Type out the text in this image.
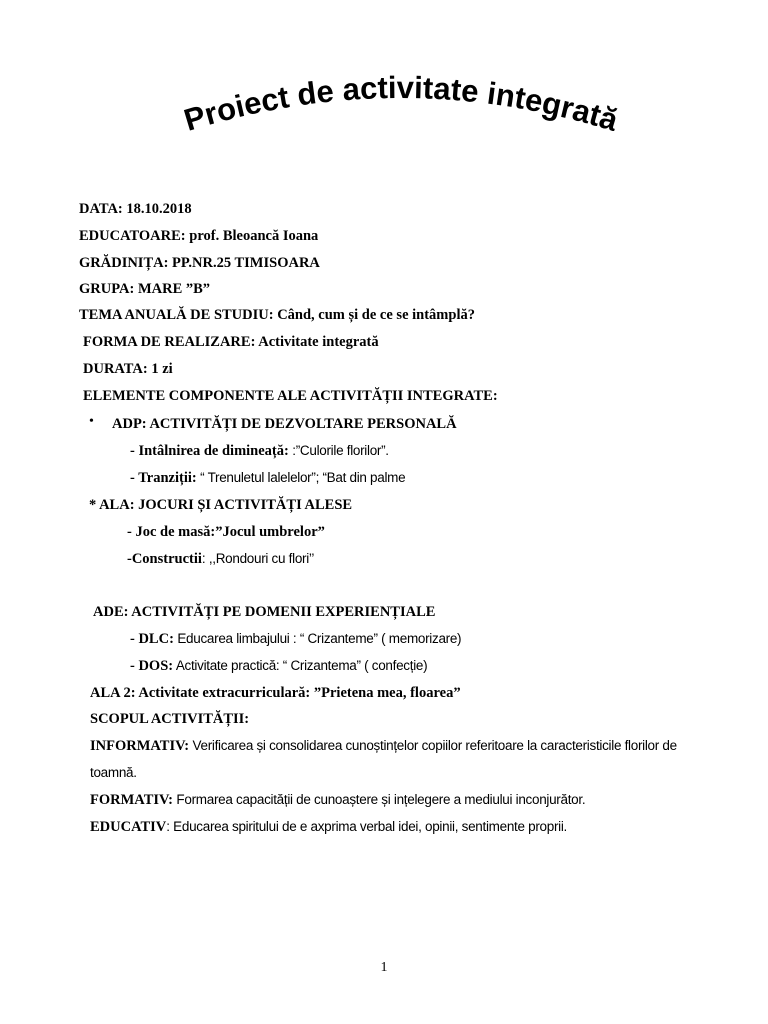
Proiect de activitate integrată
DATA: 18.10.2018
EDUCATOARE: prof. Bleoancă Ioana
GRĂDINIȚA: PP.NR.25 TIMISOARA
GRUPA: MARE ”B”
TEMA ANUALĂ DE STUDIU: Când, cum și de ce se intâmplă?
FORMA DE REALIZARE: Activitate integrată
DURATA: 1 zi
ELEMENTE COMPONENTE ALE ACTIVITĂȚII INTEGRATE:
• ADP: ACTIVITĂȚI DE DEZVOLTARE PERSONALĂ
- Intâlnirea de dimineață: :”Culorile florilor”.
- Tranziții: “ Trenuletul lalelelor”; “Bat din palme
* ALA: JOCURI ȘI ACTIVITĂȚI ALESE
- Joc de masă:”Jocul umbrelor”
-Constructii: ,,Rondouri cu flori’’
ADE: ACTIVITĂȚI PE DOMENII EXPERIENȚIALE
- DLC: Educarea limbajului : “ Crizanteme” ( memorizare)
- DOS: Activitate practică: “ Crizantema” ( confecție)
ALA 2: Activitate extracurriculară: ”Prietena mea, floarea”
SCOPUL ACTIVITĂȚII:
INFORMATIV: Verificarea și consolidarea cunoștințelor copiilor referitoare la caracteristicile florilor de
toamnă.
FORMATIV: Formarea capacității de cunoaștere și ințelegere a mediului inconjurător.
EDUCATIV: Educarea spiritului de e axprima verbal idei, opinii, sentimente proprii.
1
